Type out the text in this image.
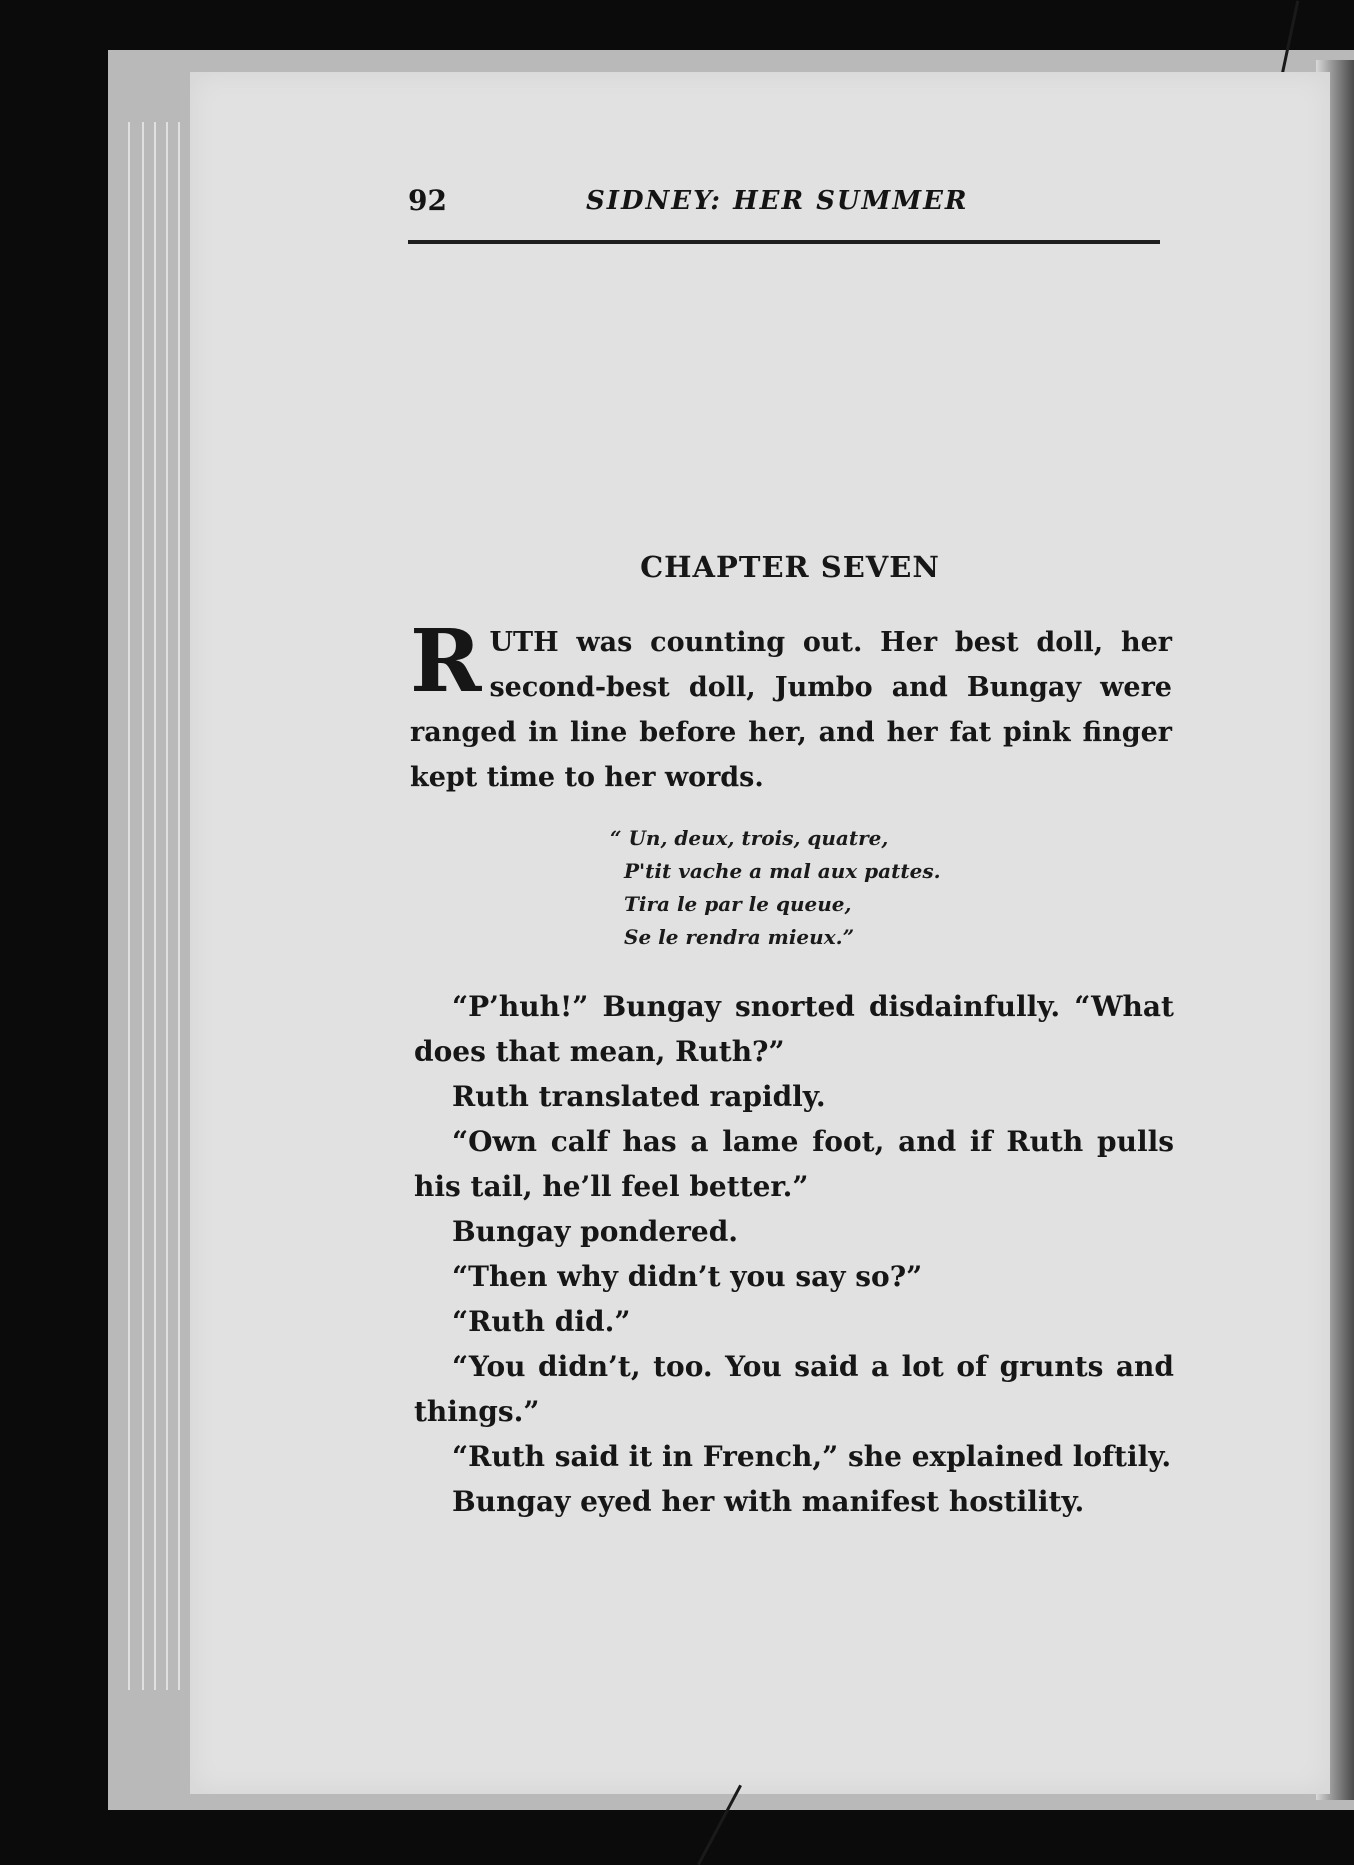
92	SIDNEY: HER SUMMER
CHAPTER SEVEN

RUTH was counting out. Her best doll, her second-best doll, Jumbo and Bungay were ranged in line before her, and her fat pink finger kept time to her words.

“ Un, deux, trois, quatre,
P'tit vache a mal aux pattes.
Tira le par le queue,
Se le rendra mieux.”

“P’huh!” Bungay snorted disdainfully. “What does that mean, Ruth?”

Ruth translated rapidly.

“Own calf has a lame foot, and if Ruth pulls his tail, he’ll feel better.”

Bungay pondered.

“Then why didn’t you say so?”

“Ruth did.”

“You didn’t, too. You said a lot of grunts and things.”

“Ruth said it in French,” she explained loftily.

Bungay eyed her with manifest hostility.
